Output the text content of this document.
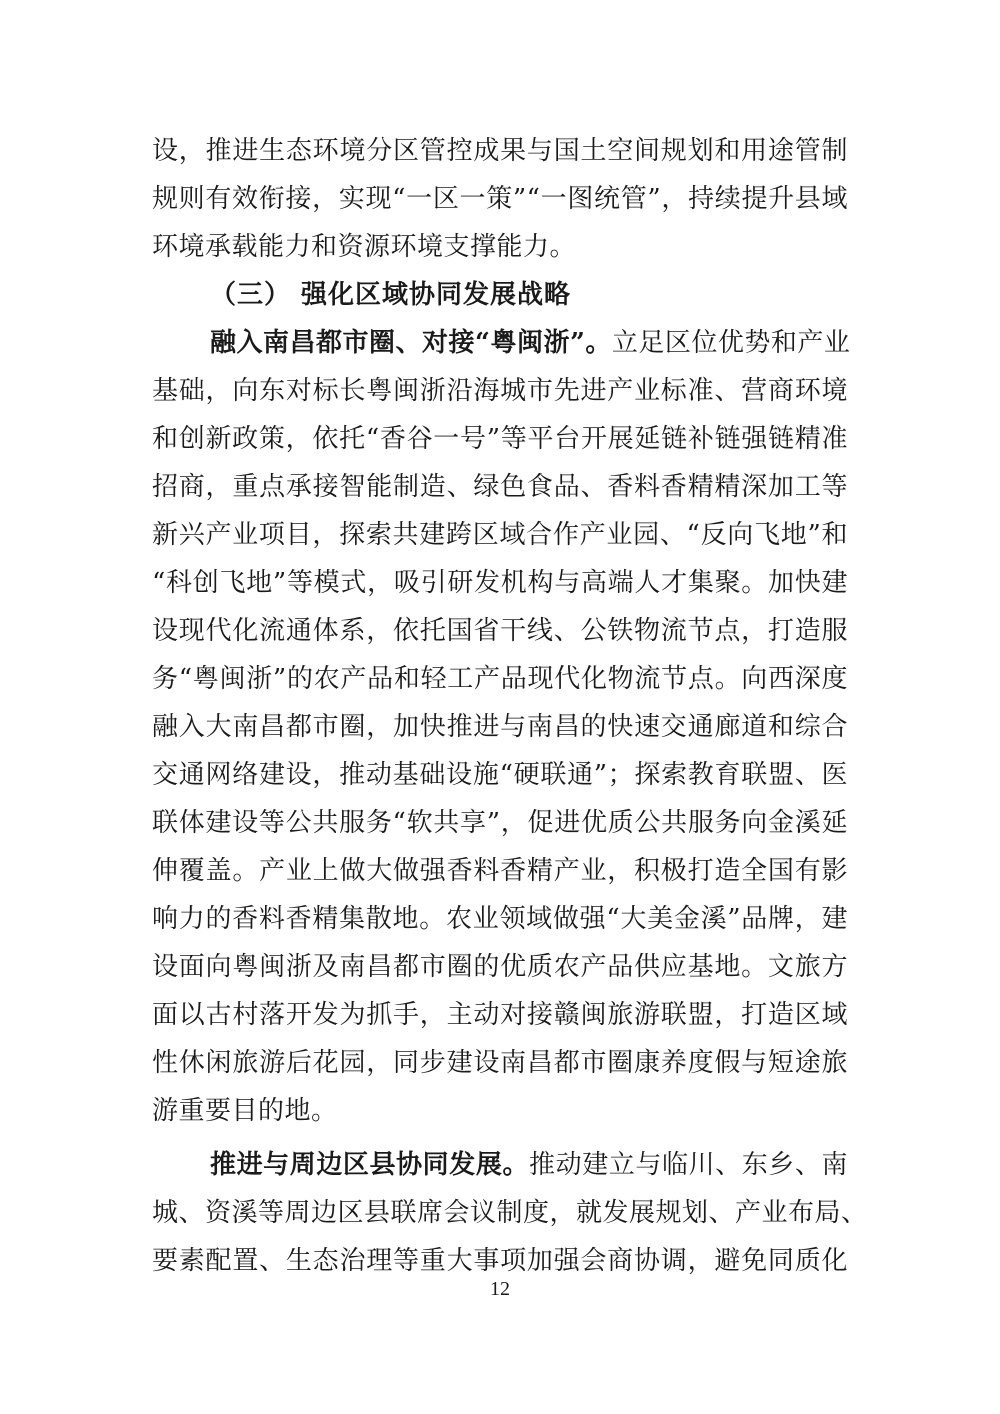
设，推进生态环境分区管控成果与国土空间规划和用途管制
规则有效衔接，实现“一区一策”“一图统管”，持续提升县域
环境承载能力和资源环境支撑能力。
（三） 强化区域协同发展战略
融入南昌都市圈、对接“粤闽浙”。立足区位优势和产业
基础，向东对标长粤闽浙沿海城市先进产业标准、营商环境
和创新政策，依托“香谷一号”等平台开展延链补链强链精准
招商，重点承接智能制造、绿色食品、香料香精精深加工等
新兴产业项目，探索共建跨区域合作产业园、“反向飞地”和
“科创飞地”等模式，吸引研发机构与高端人才集聚。加快建
设现代化流通体系，依托国省干线、公铁物流节点，打造服
务“粤闽浙”的农产品和轻工产品现代化物流节点。向西深度
融入大南昌都市圈，加快推进与南昌的快速交通廊道和综合
交通网络建设，推动基础设施“硬联通”；探索教育联盟、医
联体建设等公共服务“软共享”，促进优质公共服务向金溪延
伸覆盖。产业上做大做强香料香精产业，积极打造全国有影
响力的香料香精集散地。农业领域做强“大美金溪”品牌，建
设面向粤闽浙及南昌都市圈的优质农产品供应基地。文旅方
面以古村落开发为抓手，主动对接赣闽旅游联盟，打造区域
性休闲旅游后花园，同步建设南昌都市圈康养度假与短途旅
游重要目的地。
推进与周边区县协同发展。推动建立与临川、东乡、南
城、资溪等周边区县联席会议制度，就发展规划、产业布局、
12
要素配置、生态治理等重大事项加强会商协调，避免同质化
